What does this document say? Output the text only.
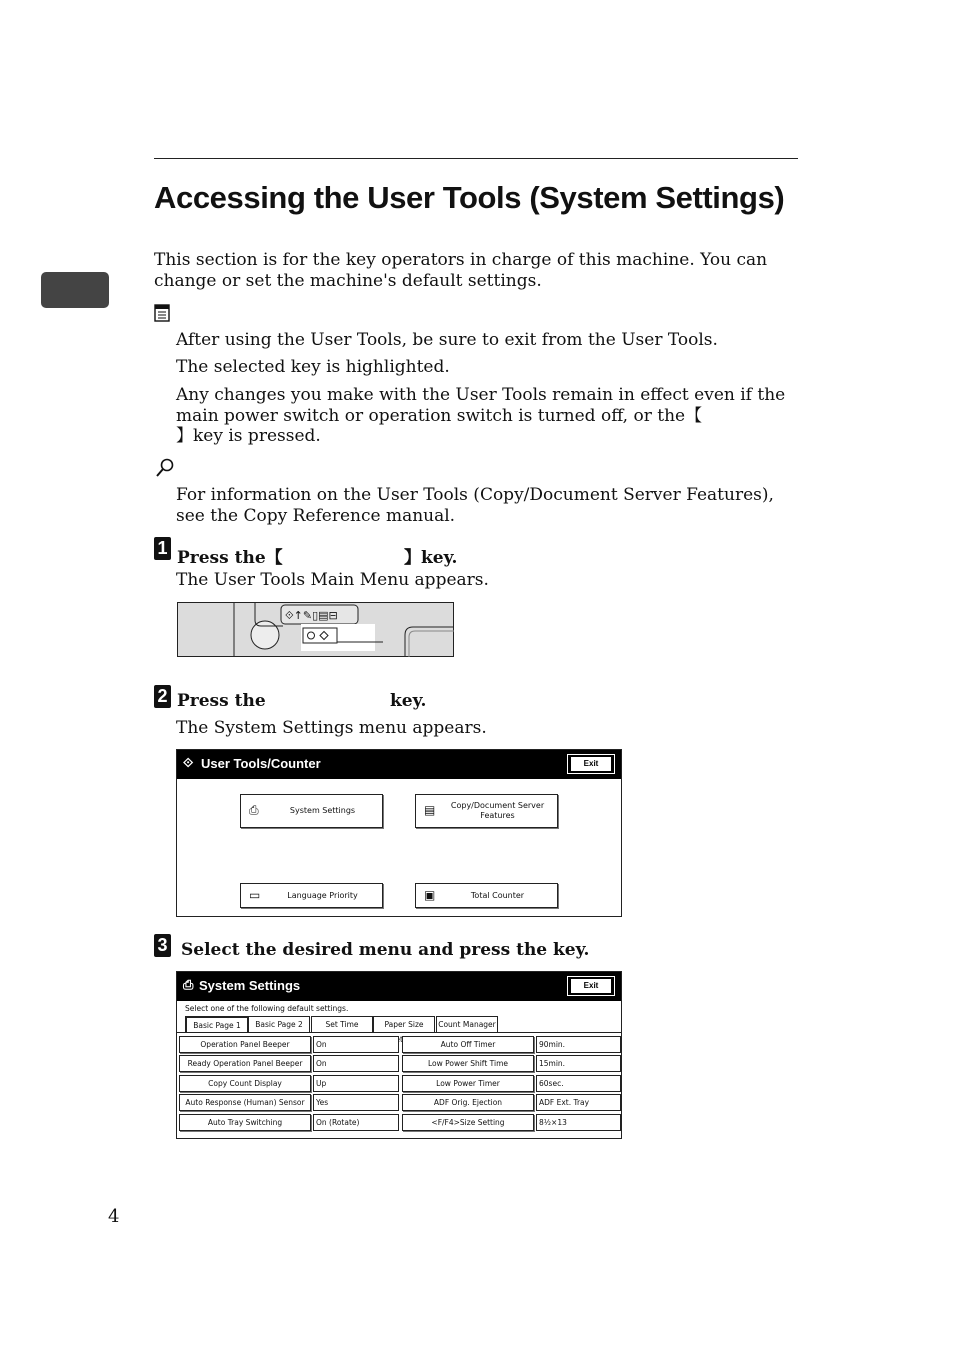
Accessing the User Tools (System Settings)
This section is for the key operators in charge of this machine. You can change or set the machine's default settings.
After using the User Tools, be sure to exit from the User Tools.
The selected key is highlighted.
Any changes you make with the User Tools remain in effect even if the main power switch or operation switch is turned off, or the【
】key is pressed.
For information on the User Tools (Copy/Document Server Features), see the Copy Reference manual.
1 Press the【	】key.
The User Tools Main Menu appears.
⟐↑✎▯▤⊟
2 Press the	key.
The System Settings menu appears.
⟐ User Tools/Counter	Exit
⎙	System Settings	▤	Copy/Document Server Features
▭	Language Priority	▣	Total Counter
3 Select the desired menu and press the key.
⎙ System Settings	Exit
Select one of the following default settings.
Basic Page 1	Basic Page 2	Set Time	Paper Size	Count Manager
Operation Panel Beeper	On	Auto Off Timer	90min.
Ready Operation Panel Beeper	On	Low Power Shift Time	15min.
Copy Count Display	Up	Low Power Timer	60sec.
Auto Response (Human) Sensor	Yes	ADF Orig. Ejection	ADF Ext. Tray
Auto Tray Switching	On (Rotate)	<F/F4>Size Setting	8½×13
4
